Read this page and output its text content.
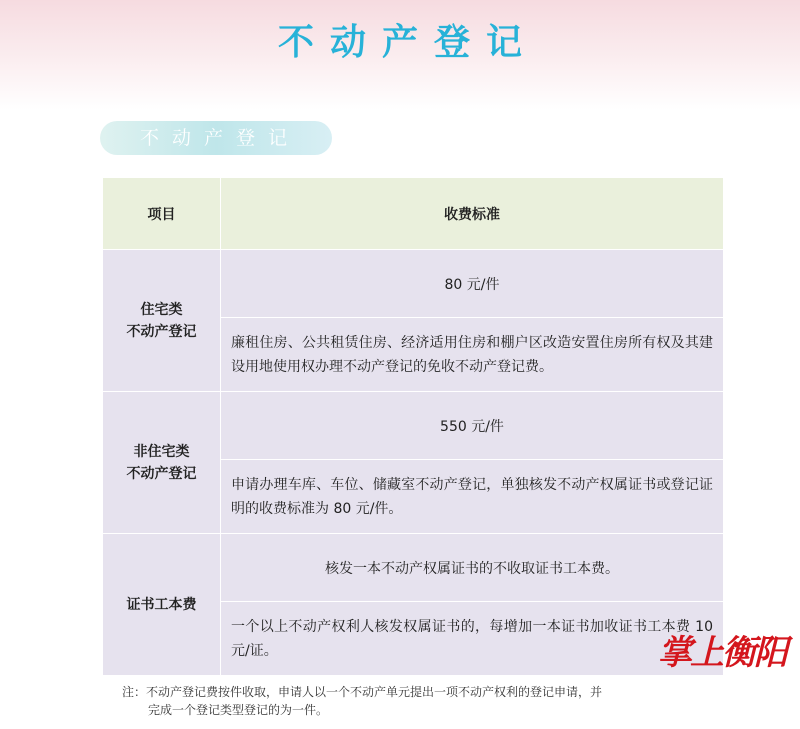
不动产登记
不动产登记
项目	收费标准
住宅类
不动产登记	80 元/件
	廉租住房、公共租赁住房、经济适用住房和棚户区改造安置住房所有权及其建设用地使用权办理不动产登记的免收不动产登记费。
非住宅类
不动产登记	550 元/件
	申请办理车库、车位、储藏室不动产登记，单独核发不动产权属证书或登记证明的收费标准为 80 元/件。
证书工本费	核发一本不动产权属证书的不收取证书工本费。
	一个以上不动产权利人核发权属证书的，每增加一本证书加收证书工本费 10 元/证。
注：不动产登记费按件收取，申请人以一个不动产单元提出一项不动产权利的登记申请，并
完成一个登记类型登记的为一件。
掌上衡阳
